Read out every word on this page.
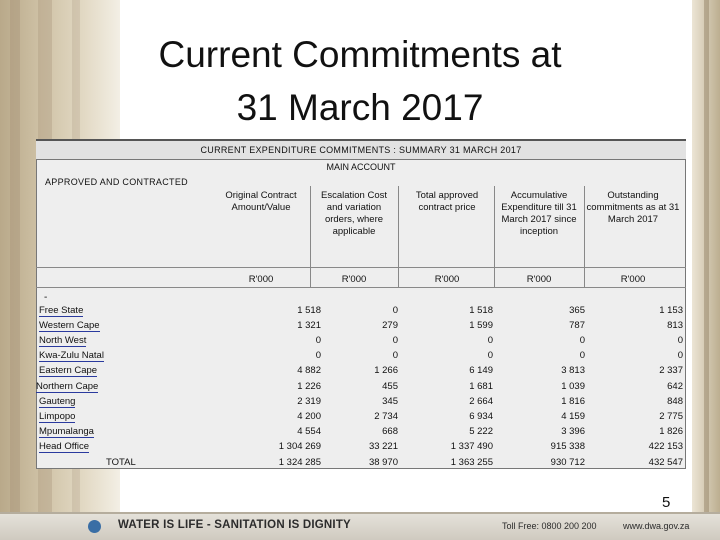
Current Commitments at
31 March 2017
CURRENT EXPENDITURE COMMITMENTS : SUMMARY 31 MARCH 2017
MAIN ACCOUNT
APPROVED AND CONTRACTED
Original Contract Amount/Value
Escalation Cost and variation orders, where applicable
Total approved contract price
Accumulative Expenditure till 31 March 2017 since inception
Outstanding commitments as at 31 March 2017
R'000	R'000	R'000	R'000	R'000
-
Free State	1 518	0	1 518	365	1 153
Western Cape	1 321	279	1 599	787	813
North West	0	0	0	0	0
Kwa-Zulu Natal	0	0	0	0	0
Eastern Cape	4 882	1 266	6 149	3 813	2 337
Northern Cape	1 226	455	1 681	1 039	642
Gauteng	2 319	345	2 664	1 816	848
Limpopo	4 200	2 734	6 934	4 159	2 775
Mpumalanga	4 554	668	5 222	3 396	1 826
Head Office	1 304 269	33 221	1 337 490	915 338	422 153
TOTAL	1 324 285	38 970	1 363 255	930 712	432 547
5
WATER IS LIFE - SANITATION IS DIGNITY	Toll Free: 0800 200 200	www.dwa.gov.za
